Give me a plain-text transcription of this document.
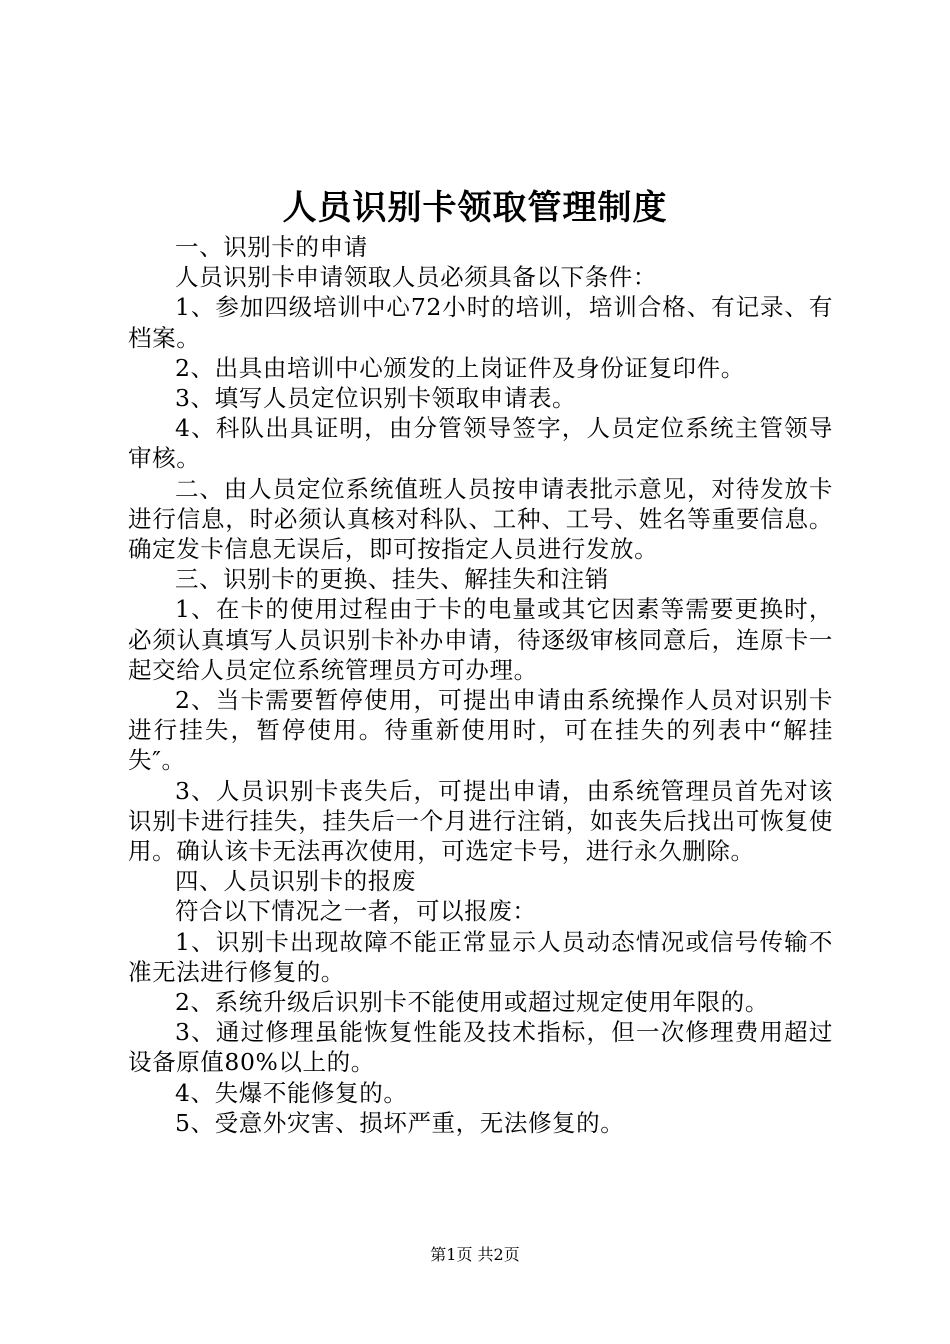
人员识别卡领取管理制度

一、识别卡的申请

人员识别卡申请领取人员必须具备以下条件：

1、参加四级培训中心72小时的培训，培训合格、有记录、有档案。

2、出具由培训中心颁发的上岗证件及身份证复印件。

3、填写人员定位识别卡领取申请表。

4、科队出具证明，由分管领导签字，人员定位系统主管领导审核。

二、由人员定位系统值班人员按申请表批示意见，对待发放卡进行信息，时必须认真核对科队、工种、工号、姓名等重要信息。确定发卡信息无误后，即可按指定人员进行发放。

三、识别卡的更换、挂失、解挂失和注销

1、在卡的使用过程由于卡的电量或其它因素等需要更换时，必须认真填写人员识别卡补办申请，待逐级审核同意后，连原卡一起交给人员定位系统管理员方可办理。

2、当卡需要暂停使用，可提出申请由系统操作人员对识别卡进行挂失，暂停使用。待重新使用时，可在挂失的列表中“解挂失″。

3、人员识别卡丧失后，可提出申请，由系统管理员首先对该识别卡进行挂失，挂失后一个月进行注销，如丧失后找出可恢复使用。确认该卡无法再次使用，可选定卡号，进行永久删除。

四、人员识别卡的报废

符合以下情况之一者，可以报废：

1、识别卡出现故障不能正常显示人员动态情况或信号传输不准无法进行修复的。

2、系统升级后识别卡不能使用或超过规定使用年限的。

3、通过修理虽能恢复性能及技术指标，但一次修理费用超过设备原值80%以上的。

4、失爆不能修复的。

5、受意外灾害、损坏严重，无法修复的。

第1页 共2页
